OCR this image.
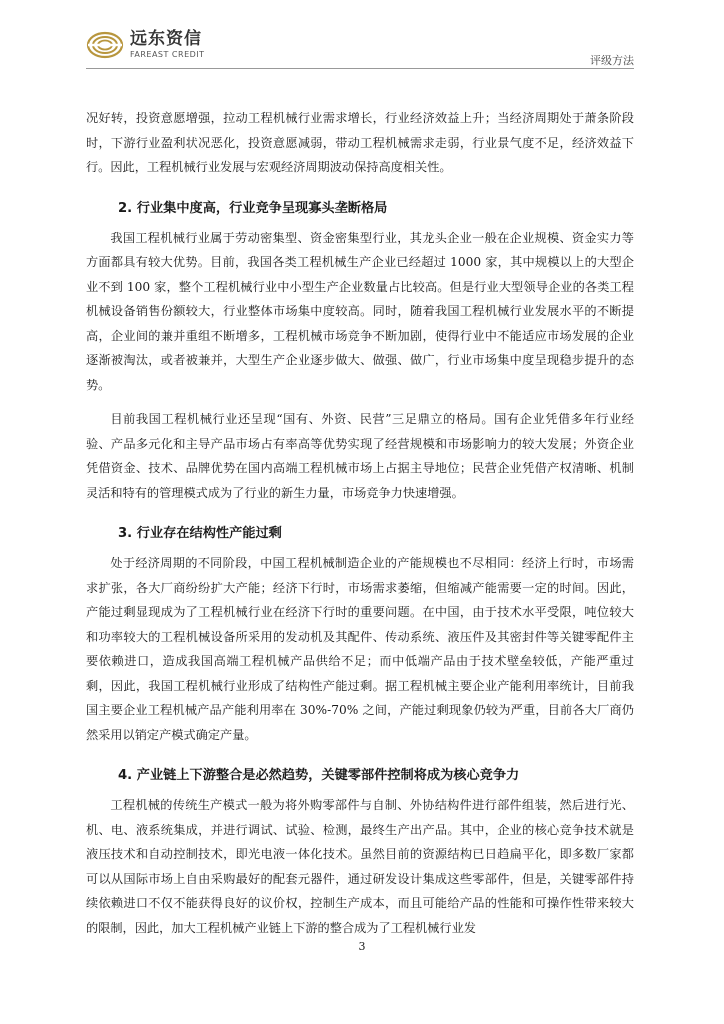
远东资信
FAREAST CREDIT	评级方法

况好转，投资意愿增强，拉动工程机械行业需求增长，行业经济效益上升；当经济周期处于萧条阶段时，下游行业盈利状况恶化，投资意愿减弱，带动工程机械需求走弱，行业景气度不足，经济效益下行。因此，工程机械行业发展与宏观经济周期波动保持高度相关性。

2. 行业集中度高，行业竞争呈现寡头垄断格局

我国工程机械行业属于劳动密集型、资金密集型行业，其龙头企业一般在企业规模、资金实力等方面都具有较大优势。目前，我国各类工程机械生产企业已经超过 1000 家，其中规模以上的大型企业不到 100 家，整个工程机械行业中小型生产企业数量占比较高。但是行业大型领导企业的各类工程机械设备销售份额较大，行业整体市场集中度较高。同时，随着我国工程机械行业发展水平的不断提高，企业间的兼并重组不断增多，工程机械市场竞争不断加剧，使得行业中不能适应市场发展的企业逐渐被淘汰，或者被兼并，大型生产企业逐步做大、做强、做广，行业市场集中度呈现稳步提升的态势。

目前我国工程机械行业还呈现“国有、外资、民营”三足鼎立的格局。国有企业凭借多年行业经验、产品多元化和主导产品市场占有率高等优势实现了经营规模和市场影响力的较大发展；外资企业凭借资金、技术、品牌优势在国内高端工程机械市场上占据主导地位；民营企业凭借产权清晰、机制灵活和特有的管理模式成为了行业的新生力量，市场竞争力快速增强。

3. 行业存在结构性产能过剩

处于经济周期的不同阶段，中国工程机械制造企业的产能规模也不尽相同：经济上行时，市场需求扩张，各大厂商纷纷扩大产能；经济下行时，市场需求萎缩，但缩减产能需要一定的时间。因此，产能过剩显现成为了工程机械行业在经济下行时的重要问题。在中国，由于技术水平受限，吨位较大和功率较大的工程机械设备所采用的发动机及其配件、传动系统、液压件及其密封件等关键零配件主要依赖进口，造成我国高端工程机械产品供给不足；而中低端产品由于技术壁垒较低，产能严重过剩，因此，我国工程机械行业形成了结构性产能过剩。据工程机械主要企业产能利用率统计，目前我国主要企业工程机械产品产能利用率在 30%-70% 之间，产能过剩现象仍较为严重，目前各大厂商仍然采用以销定产模式确定产量。

4. 产业链上下游整合是必然趋势，关键零部件控制将成为核心竞争力

工程机械的传统生产模式一般为将外购零部件与自制、外协结构件进行部件组装，然后进行光、机、电、液系统集成，并进行调试、试验、检测，最终生产出产品。其中，企业的核心竞争技术就是液压技术和自动控制技术，即光电液一体化技术。虽然目前的资源结构已日趋扁平化，即多数厂家都可以从国际市场上自由采购最好的配套元器件，通过研发设计集成这些零部件，但是，关键零部件持续依赖进口不仅不能获得良好的议价权，控制生产成本，而且可能给产品的性能和可操作性带来较大的限制，因此，加大工程机械产业链上下游的整合成为了工程机械行业发

3
